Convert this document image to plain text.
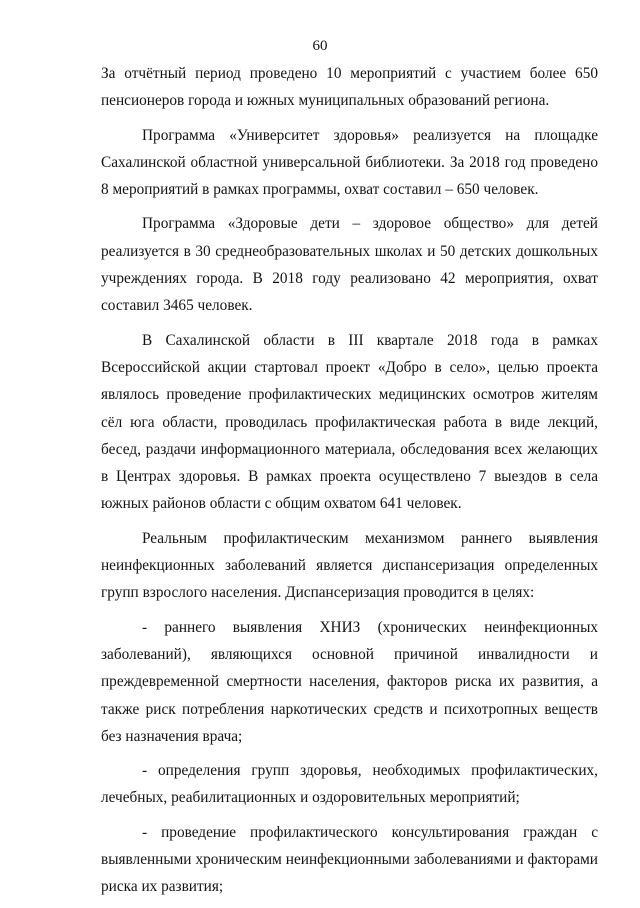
60

За отчётный период проведено 10 мероприятий с участием более 650 пенсионеров города и южных муниципальных образований региона.

Программа «Университет здоровья» реализуется на площадке Сахалинской областной универсальной библиотеки. За 2018 год проведено 8 мероприятий в рамках программы, охват составил – 650 человек.

Программа «Здоровые дети – здоровое общество» для детей реализуется в 30 среднеобразовательных школах и 50 детских дошкольных учреждениях города. В 2018 году реализовано 42 мероприятия, охват составил 3465 человек.

В Сахалинской области в III квартале 2018 года в рамках Всероссийской акции стартовал проект «Добро в село», целью проекта являлось проведение профилактических медицинских осмотров жителям сёл юга области, проводилась профилактическая работа в виде лекций, бесед, раздачи информационного материала, обследования всех желающих в Центрах здоровья. В рамках проекта осуществлено 7 выездов в села южных районов области с общим охватом 641 человек.

Реальным профилактическим механизмом раннего выявления неинфекционных заболеваний является диспансеризация определенных групп взрослого населения. Диспансеризация проводится в целях:

- раннего выявления ХНИЗ (хронических неинфекционных заболеваний), являющихся основной причиной инвалидности и преждевременной смертности населения, факторов риска их развития, а также риск потребления наркотических средств и психотропных веществ без назначения врача;

- определения групп здоровья, необходимых профилактических, лечебных, реабилитационных и оздоровительных мероприятий;

- проведение профилактического консультирования граждан с выявленными хроническим неинфекционными заболеваниями и факторами риска их развития;
